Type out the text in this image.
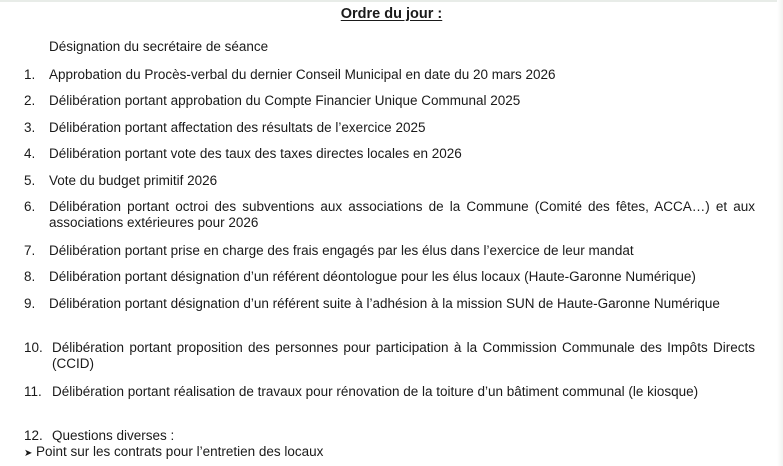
Ordre du jour :
Désignation du secrétaire de séance
1. Approbation du Procès-verbal du dernier Conseil Municipal en date du 20 mars 2026
2. Délibération portant approbation du Compte Financier Unique Communal 2025
3. Délibération portant affectation des résultats de l’exercice 2025
4. Délibération portant vote des taux des taxes directes locales en 2026
5. Vote du budget primitif 2026
6. Délibération portant octroi des subventions aux associations de la Commune (Comité des fêtes, ACCA…) et aux associations extérieures pour 2026
7. Délibération portant prise en charge des frais engagés par les élus dans l’exercice de leur mandat
8. Délibération portant désignation d’un référent déontologue pour les élus locaux (Haute-Garonne Numérique)
9. Délibération portant désignation d’un référent suite à l’adhésion à la mission SUN de Haute-Garonne Numérique
10. Délibération portant proposition des personnes pour participation à la Commission Communale des Impôts Directs (CCID)
11. Délibération portant réalisation de travaux pour rénovation de la toiture d’un bâtiment communal (le kiosque)
12. Questions diverses :
➤ Point sur les contrats pour l’entretien des locaux
